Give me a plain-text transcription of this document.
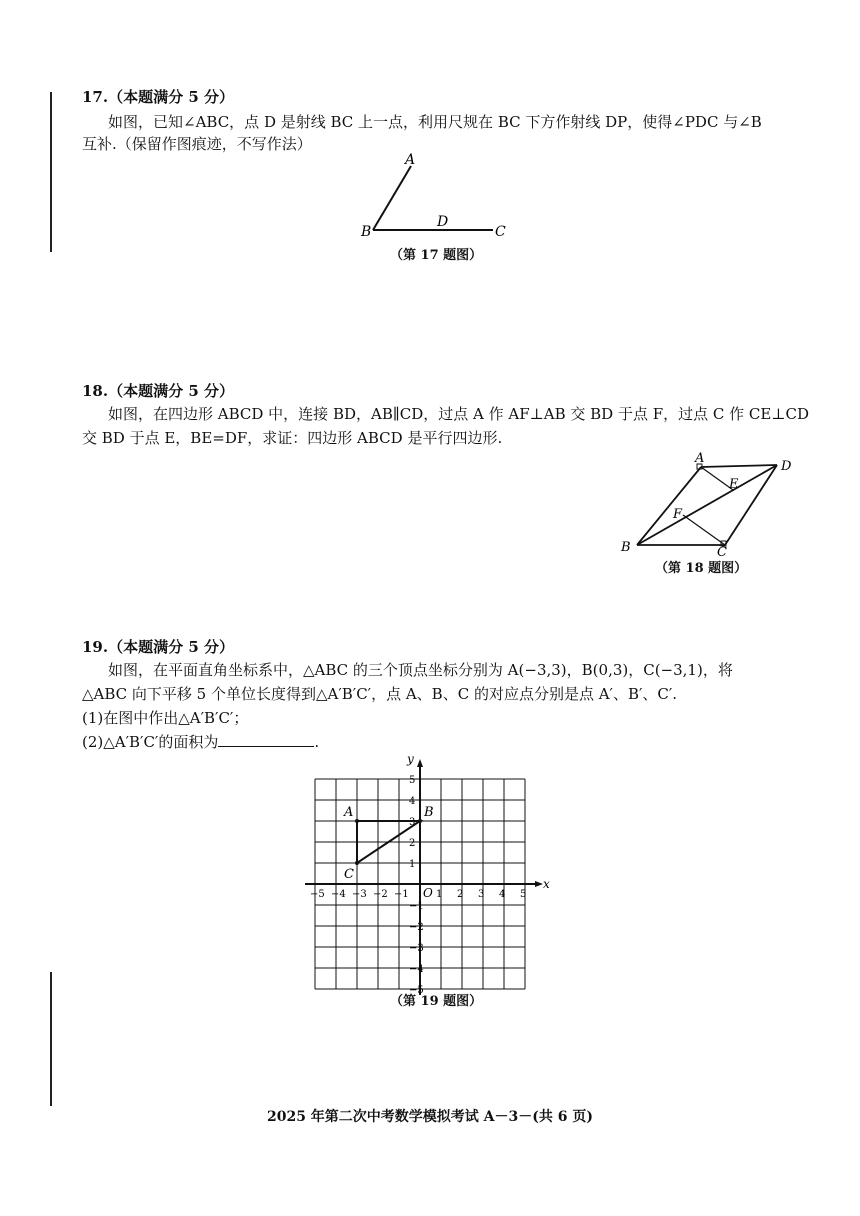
17.（本题满分 5 分）
如图，已知∠ABC，点 D 是射线 BC 上一点，利用尺规在 BC 下方作射线 DP，使得∠PDC 与∠B
互补.（保留作图痕迹，不写作法）
A
B
D
C
（第 17 题图）
18.（本题满分 5 分）
如图，在四边形 ABCD 中，连接 BD，AB∥CD，过点 A 作 AF⊥AB 交 BD 于点 F，过点 C 作 CE⊥CD
交 BD 于点 E，BE=DF，求证：四边形 ABCD 是平行四边形.
A
D
E
F
B	C
（第 18 题图）
19.（本题满分 5 分）
如图，在平面直角坐标系中，△ABC 的三个顶点坐标分别为 A(−3,3)，B(0,3)，C(−3,1)，将
△ABC 向下平移 5 个单位长度得到△A′B′C′，点 A、B、C 的对应点分别是点 A′、B′、C′.
(1)在图中作出△A′B′C′；
(2)△A′B′C′的面积为	.
−5 −4 −3 −2 −1	1 2 3 4 5
5
4
3
2
1
−1
−2
−3
−4
−5
O
x
y
A	B
C
（第 19 题图）
2025 年第二次中考数学模拟考试 A－3－(共 6 页)
